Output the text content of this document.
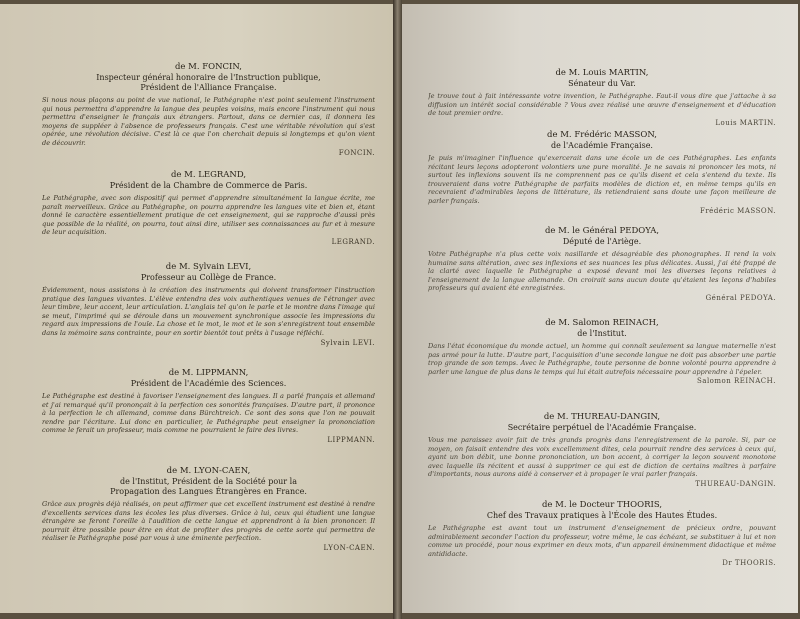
de M. FONCIN,
Inspecteur général honoraire de l'Instruction publique,
Président de l'Alliance Française.
Si nous nous plaçons au point de vue national, le Pathégraphe n'est point seulement l'instrument qui nous permettra d'apprendre la langue des peuples voisins, mais encore l'instrument qui nous permettra d'enseigner le français aux étrangers. Partout, dans ce dernier cas, il donnera les moyens de suppléer à l'absence de professeurs français. C'est une véritable révolution qui s'est opérée, une révolution décisive. C'est là ce que l'on cherchait depuis si longtemps et qu'on vient de découvrir.
FONCIN.
de M. LEGRAND,
Président de la Chambre de Commerce de Paris.
Le Pathégraphe, avec son dispositif qui permet d'apprendre simultanément la langue écrite, me paraît merveilleux. Grâce au Pathégraphe, on pourra apprendre les langues vite et bien et, étant donné le caractère essentiellement pratique de cet enseignement, qui se rapproche d'aussi près que possible de la réalité, on pourra, tout ainsi dire, utiliser ses connaissances au fur et à mesure de leur acquisition.
LEGRAND.
de M. Sylvain LEVI,
Professeur au Collège de France.
Évidemment, nous assistons à la création des instruments qui doivent transformer l'instruction pratique des langues vivantes. L'élève entendra des voix authentiques venues de l'étranger avec leur timbre, leur accent, leur articulation. L'anglais tel qu'on le parle et le montre dans l'image qui se meut, l'imprimé qui se déroule dans un mouvement synchronique associe les impressions du regard aux impressions de l'ouïe. La chose et le mot, le mot et le son s'enregistrent tout ensemble dans la mémoire sans contrainte, pour en sortir bientôt tout prêts à l'usage réfléchi.
Sylvain LEVI.
de M. LIPPMANN,
Président de l'Académie des Sciences.
Le Pathégraphe est destiné à favoriser l'enseignement des langues. Il a parlé français et allemand et j'ai remarqué qu'il prononçait à la perfection ces sonorités françaises. D'autre part, il prononce à la perfection le ch allemand, comme dans Bürchtreich. Ce sont des sons que l'on ne pouvait rendre par l'écriture. Lui donc en particulier, le Pathégraphe peut enseigner la prononciation comme le ferait un professeur, mais comme ne pourraient le faire des livres.
LIPPMANN.
de M. LYON-CAEN,
de l'Institut, Président de la Société pour la
Propagation des Langues Étrangères en France.
Grâce aux progrès déjà réalisés, on peut affirmer que cet excellent instrument est destiné à rendre d'excellents services dans les écoles les plus diverses. Grâce à lui, ceux qui étudient une langue étrangère se feront l'oreille à l'audition de cette langue et apprendront à la bien prononcer. Il pourrait être possible pour être en état de profiter des progrès de cette sorte qui permettra de réaliser le Pathégraphe posé par vous à une éminente perfection.
LYON-CAEN.
de M. Louis MARTIN,
Sénateur du Var.
Je trouve tout à fait intéressante votre invention, le Pathégraphe. Faut-il vous dire que j'attache à sa diffusion un intérêt social considérable ? Vous avez réalisé une œuvre d'enseignement et d'éducation de tout premier ordre.
Louis MARTIN.
de M. Frédéric MASSON,
de l'Académie Française.
Je puis m'imaginer l'influence qu'exercerait dans une école un de ces Pathégraphes. Les enfants récitant leurs leçons adopteront volontiers une pure moralité. Je ne savais ni prononcer les mots, ni surtout les inflexions souvent ils ne comprennent pas ce qu'ils disent et cela s'entend du texte. Ils trouveraient dans votre Pathégraphe de parfaits modèles de diction et, en même temps qu'ils en recevraient d'admirables leçons de littérature, ils retiendraient sans doute une façon meilleure de parler français.
Frédéric MASSON.
de M. le Général PEDOYA,
Député de l'Ariège.
Votre Pathégraphe n'a plus cette voix nasillarde et désagréable des phonographes. Il rend la voix humaine sans altération, avec ses inflexions et ses nuances les plus délicates. Aussi, j'ai été frappé de la clarté avec laquelle le Pathégraphe a exposé devant moi les diverses leçons relatives à l'enseignement de la langue allemande. On croirait sans aucun doute qu'étaient les leçons d'habiles professeurs qui avaient été enregistrées.
Général PEDOYA.
de M. Salomon REINACH,
de l'Institut.
Dans l'état économique du monde actuel, un homme qui connaît seulement sa langue maternelle n'est pas armé pour la lutte. D'autre part, l'acquisition d'une seconde langue ne doit pas absorber une partie trop grande de son temps. Avec le Pathégraphe, toute personne de bonne volonté pourra apprendre à parler une langue de plus dans le temps qui lui était autrefois nécessaire pour apprendre à l'épeler.
Salomon REINACH.
de M. THUREAU-DANGIN,
Secrétaire perpétuel de l'Académie Française.
Vous me paraissez avoir fait de très grands progrès dans l'enregistrement de la parole. Si, par ce moyen, on faisait entendre des voix excellemment dites, cela pourrait rendre des services à ceux qui, ayant un bon débit, une bonne prononciation, un bon accent, à corriger la leçon souvent monotone avec laquelle ils récitent et aussi à supprimer ce qui est de diction de certains maîtres à parfaire d'importants, nous aurons aidé à conserver et à propager le vrai parler français.
THUREAU-DANGIN.
de M. le Docteur THOORIS,
Chef des Travaux pratiques à l'École des Hautes Études.
Le Pathégraphe est avant tout un instrument d'enseignement de précieux ordre, pouvant admirablement seconder l'action du professeur, votre même, le cas échéant, se substituer à lui et non comme un procédé, pour nous exprimer en deux mots, d'un appareil éminemment didactique et même antididacte.
Dr THOORIS.
